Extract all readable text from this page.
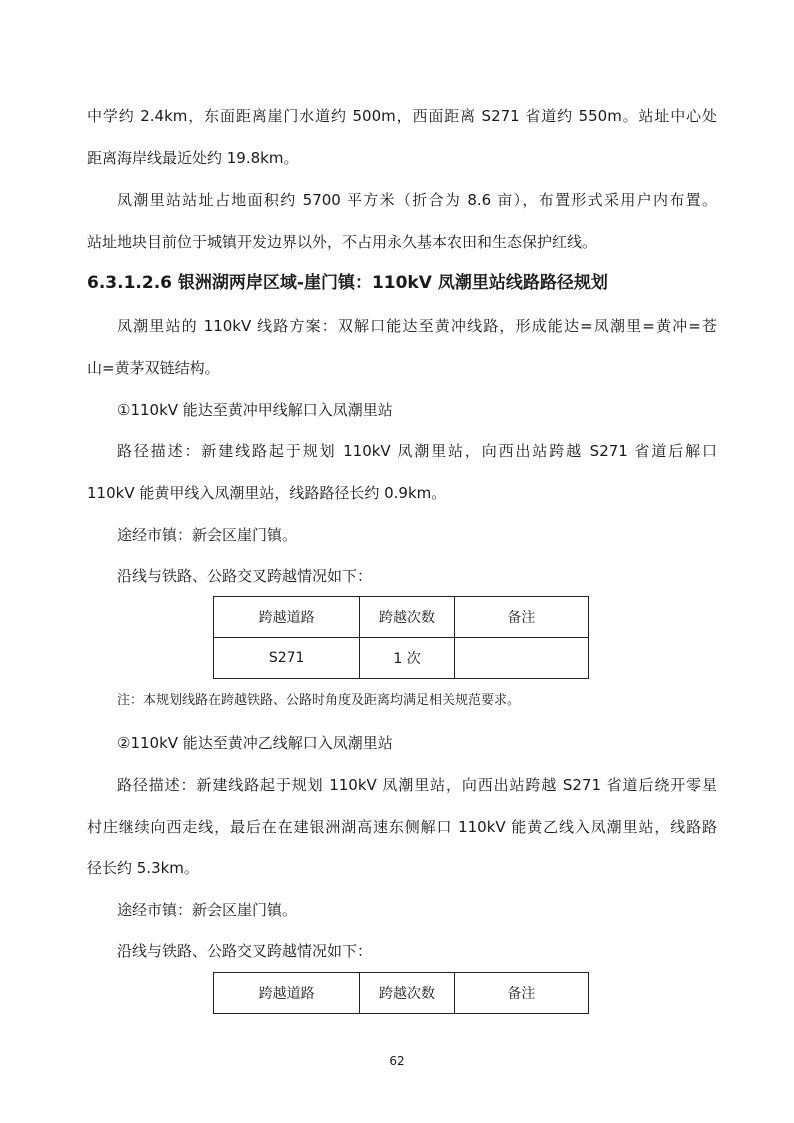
中学约 2.4km，东面距离崖门水道约 500m，西面距离 S271 省道约 550m。站址中心处
距离海岸线最近处约 19.8km。
凤潮里站站址占地面积约 5700 平方米（折合为 8.6 亩），布置形式采用户内布置。
站址地块目前位于城镇开发边界以外，不占用永久基本农田和生态保护红线。
6.3.1.2.6 银洲湖两岸区域-崖门镇：110kV 凤潮里站线路路径规划
凤潮里站的 110kV 线路方案：双解口能达至黄冲线路，形成能达=凤潮里=黄冲=苍
山=黄茅双链结构。
①110kV 能达至黄冲甲线解口入凤潮里站
路径描述：新建线路起于规划 110kV 凤潮里站，向西出站跨越 S271 省道后解口
110kV 能黄甲线入凤潮里站，线路路径长约 0.9km。
途经市镇：新会区崖门镇。
沿线与铁路、公路交叉跨越情况如下：
跨越道路	跨越次数	备注
S271	1 次	
注：本规划线路在跨越铁路、公路时角度及距离均满足相关规范要求。
②110kV 能达至黄冲乙线解口入凤潮里站
路径描述：新建线路起于规划 110kV 凤潮里站，向西出站跨越 S271 省道后绕开零星
村庄继续向西走线，最后在在建银洲湖高速东侧解口 110kV 能黄乙线入凤潮里站，线路路
径长约 5.3km。
途经市镇：新会区崖门镇。
沿线与铁路、公路交叉跨越情况如下：
跨越道路	跨越次数	备注
62
